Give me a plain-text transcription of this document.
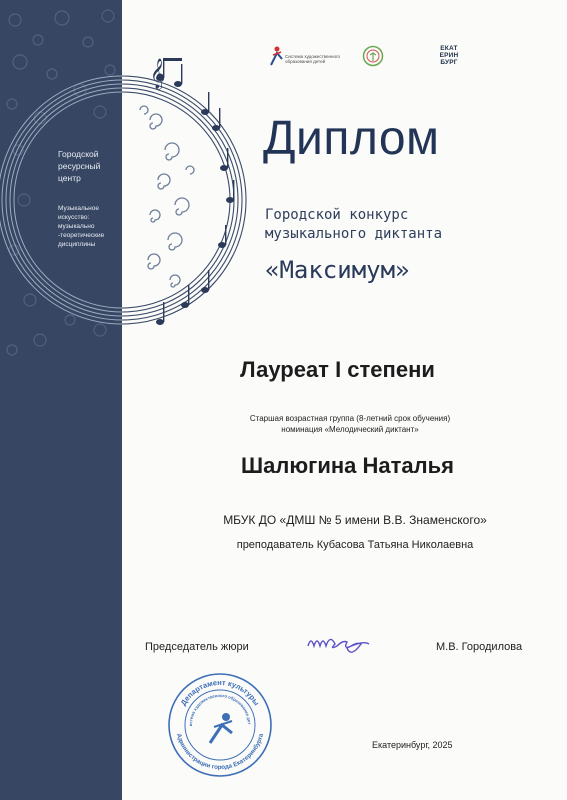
Городской
ресурсный
центр
Музыкальное
искусство:
музыкально
-теоретические
дисциплины
𝄞
Система художественного образования детей
ЕКАТ
ЕРИН
БУРГ
Диплом
Городской конкурс
музыкального диктанта
«Максимум»
Лауреат I степени
Старшая возрастная группа (8-летний срок обучения)
номинация «Мелодический диктант»
Шалюгина Наталья
МБУК ДО «ДМШ № 5 имени В.В. Знаменского»
преподаватель Кубасова Татьяна Николаевна
Председатель жюри	М.В. Городилова
Департамент культуры
Администрации города Екатеринбурга
истема художественного образования дет
Екатеринбург, 2025
